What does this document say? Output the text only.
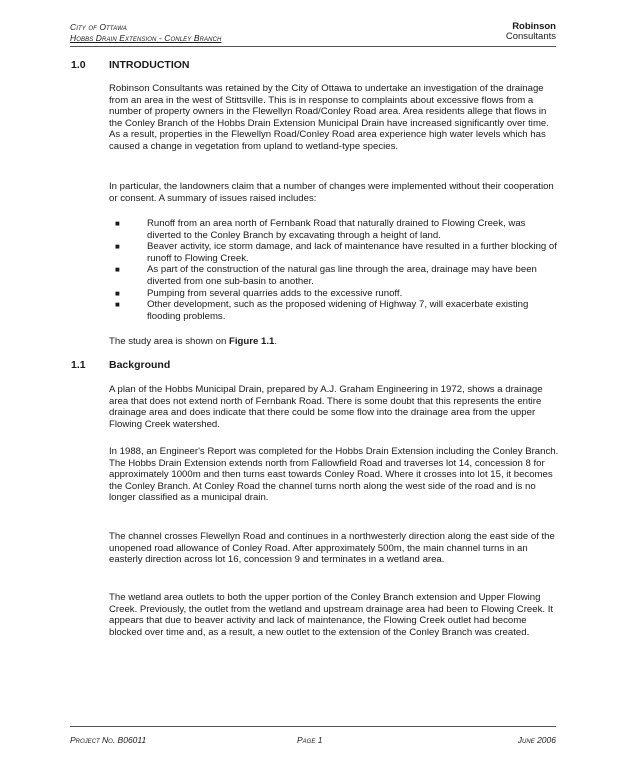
City of Ottawa
Hobbs Drain Extension - Conley Branch
Robinson
Consultants
1.0 INTRODUCTION
Robinson Consultants was retained by the City of Ottawa to undertake an investigation of the drainage from an area in the west of Stittsville. This is in response to complaints about excessive flows from a number of property owners in the Flewellyn Road/Conley Road area. Area residents allege that flows in the Conley Branch of the Hobbs Drain Extension Municipal Drain have increased significantly over time. As a result, properties in the Flewellyn Road/Conley Road area experience high water levels which has caused a change in vegetation from upland to wetland-type species.
In particular, the landowners claim that a number of changes were implemented without their cooperation or consent. A summary of issues raised includes:
■	Runoff from an area north of Fernbank Road that naturally drained to Flowing Creek, was diverted to the Conley Branch by excavating through a height of land.
■	Beaver activity, ice storm damage, and lack of maintenance have resulted in a further blocking of runoff to Flowing Creek.
■	As part of the construction of the natural gas line through the area, drainage may have been diverted from one sub-basin to another.
■	Pumping from several quarries adds to the excessive runoff.
■	Other development, such as the proposed widening of Highway 7, will exacerbate existing flooding problems.
The study area is shown on Figure 1.1.
1.1 Background
A plan of the Hobbs Municipal Drain, prepared by A.J. Graham Engineering in 1972, shows a drainage area that does not extend north of Fernbank Road. There is some doubt that this represents the entire drainage area and does indicate that there could be some flow into the drainage area from the upper Flowing Creek watershed.
In 1988, an Engineer's Report was completed for the Hobbs Drain Extension including the Conley Branch. The Hobbs Drain Extension extends north from Fallowfield Road and traverses lot 14, concession 8 for approximately 1000m and then turns east towards Conley Road. Where it crosses into lot 15, it becomes the Conley Branch. At Conley Road the channel turns north along the west side of the road and is no longer classified as a municipal drain.
The channel crosses Flewellyn Road and continues in a northwesterly direction along the east side of the unopened road allowance of Conley Road. After approximately 500m, the main channel turns in an easterly direction across lot 16, concession 9 and terminates in a wetland area.
The wetland area outlets to both the upper portion of the Conley Branch extension and Upper Flowing Creek. Previously, the outlet from the wetland and upstream drainage area had been to Flowing Creek. It appears that due to beaver activity and lack of maintenance, the Flowing Creek outlet had become blocked over time and, as a result, a new outlet to the extension of the Conley Branch was created.
Project No. B06011	Page 1	June 2006
